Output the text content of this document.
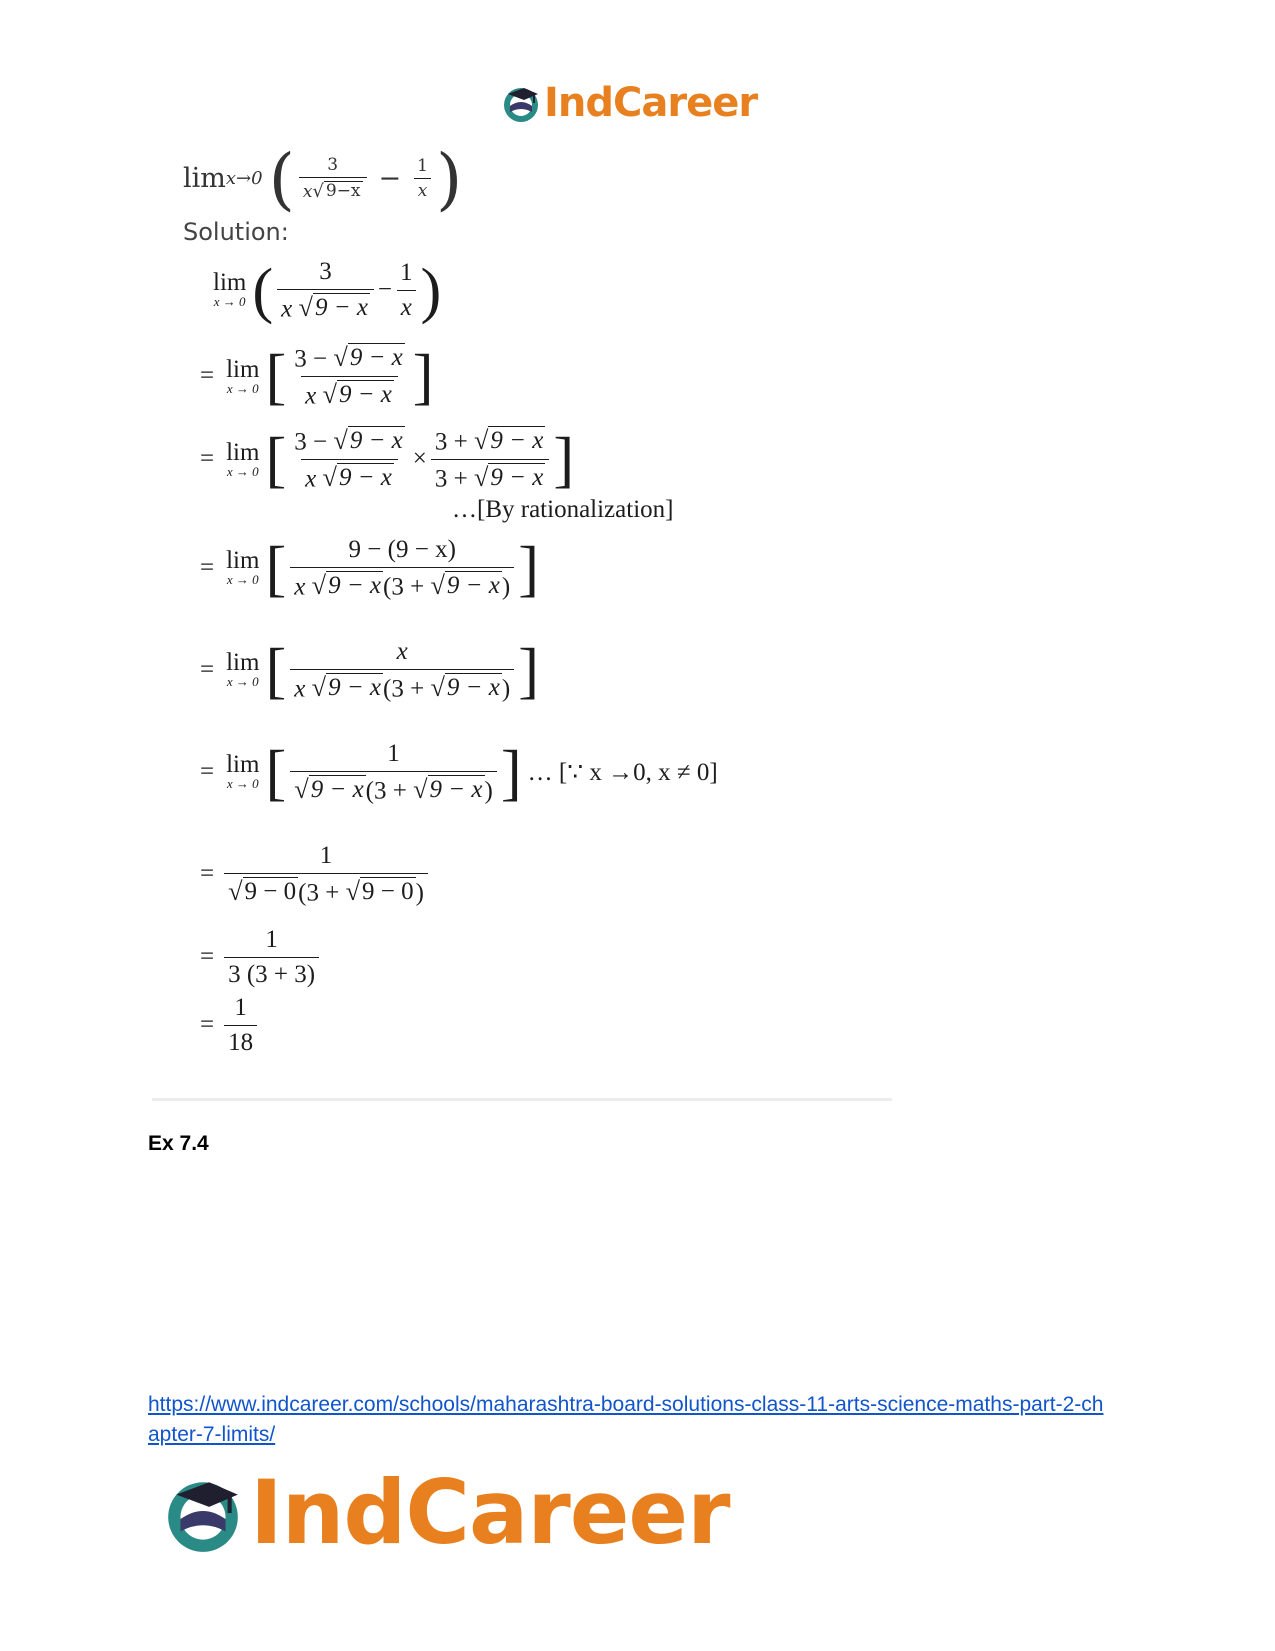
IndCareer
lim x→0 ( $\frac{3}{x √ 9-x} - \frac{1}{x}$ )
Solution:
lim
x → 0 ( $\frac{3}{x √ 9 - x} - \frac{1}{x}$ )
= lim
x → 0 [ $\frac{3 - √ 9 - x}{x √ 9 - x}$ ]
= lim
x → 0 [ $\frac{3 - √ 9 - x}{x √ 9 - x} \times \frac{3 + √ 9 - x}{3 + √ 9 - x}$ ]
…[By rationalization]
= lim
x → 0 [ $\frac{9 - (9 - x)}{x √ 9 - x (3 + √ 9 - x )}$ ]
= lim
x → 0 [ $\frac{x}{x √ 9 - x (3 + √ 9 - x )}$ ]
= lim
x → 0 [ $\frac{1}{√ 9 - x (3 + √ 9 - x )}$ ] … [∵ x →0, x ≠ 0]
= $\frac{1}{√ 9 - 0 (3 + √ 9 - 0 )}$
= $\frac{1}{3 (3 + 3)}$
= $\frac{1}{18}$
Ex 7.4
https://www.indcareer.com/schools/maharashtra-board-solutions-class-11-arts-science-maths-part-2-chapter-7-limits/
IndCareer
